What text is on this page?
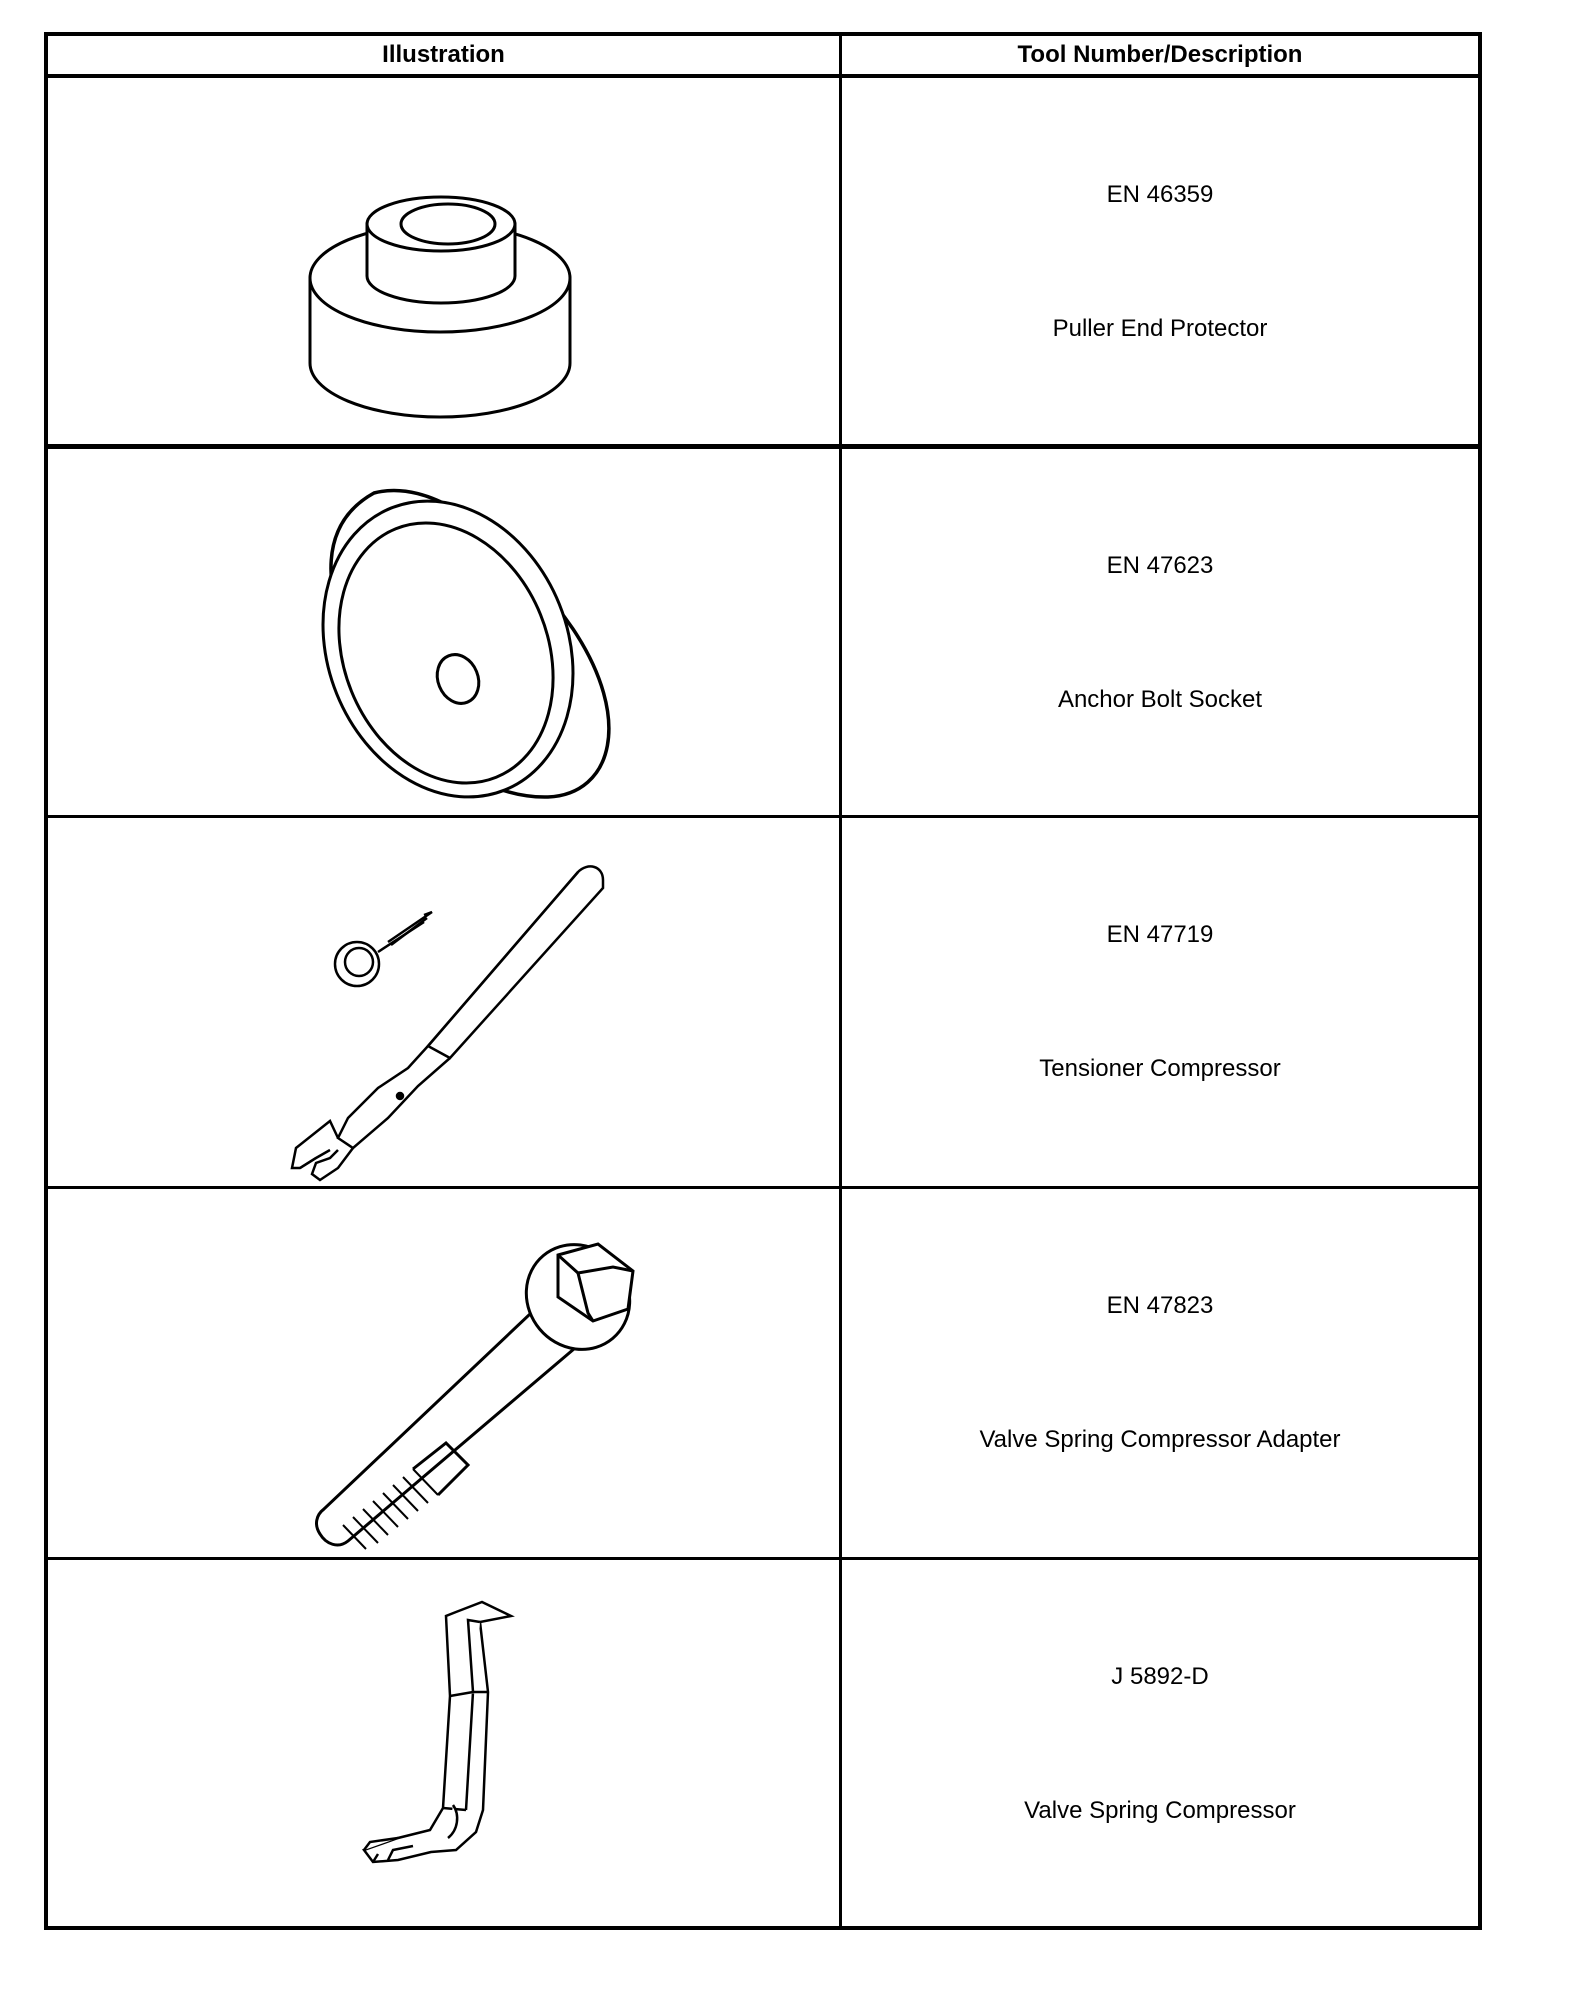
Illustration	Tool Number/Description
EN 46359
Puller End Protector
EN 47623
Anchor Bolt Socket
EN 47719
Tensioner Compressor
EN 47823
Valve Spring Compressor Adapter
J 5892-D
Valve Spring Compressor
